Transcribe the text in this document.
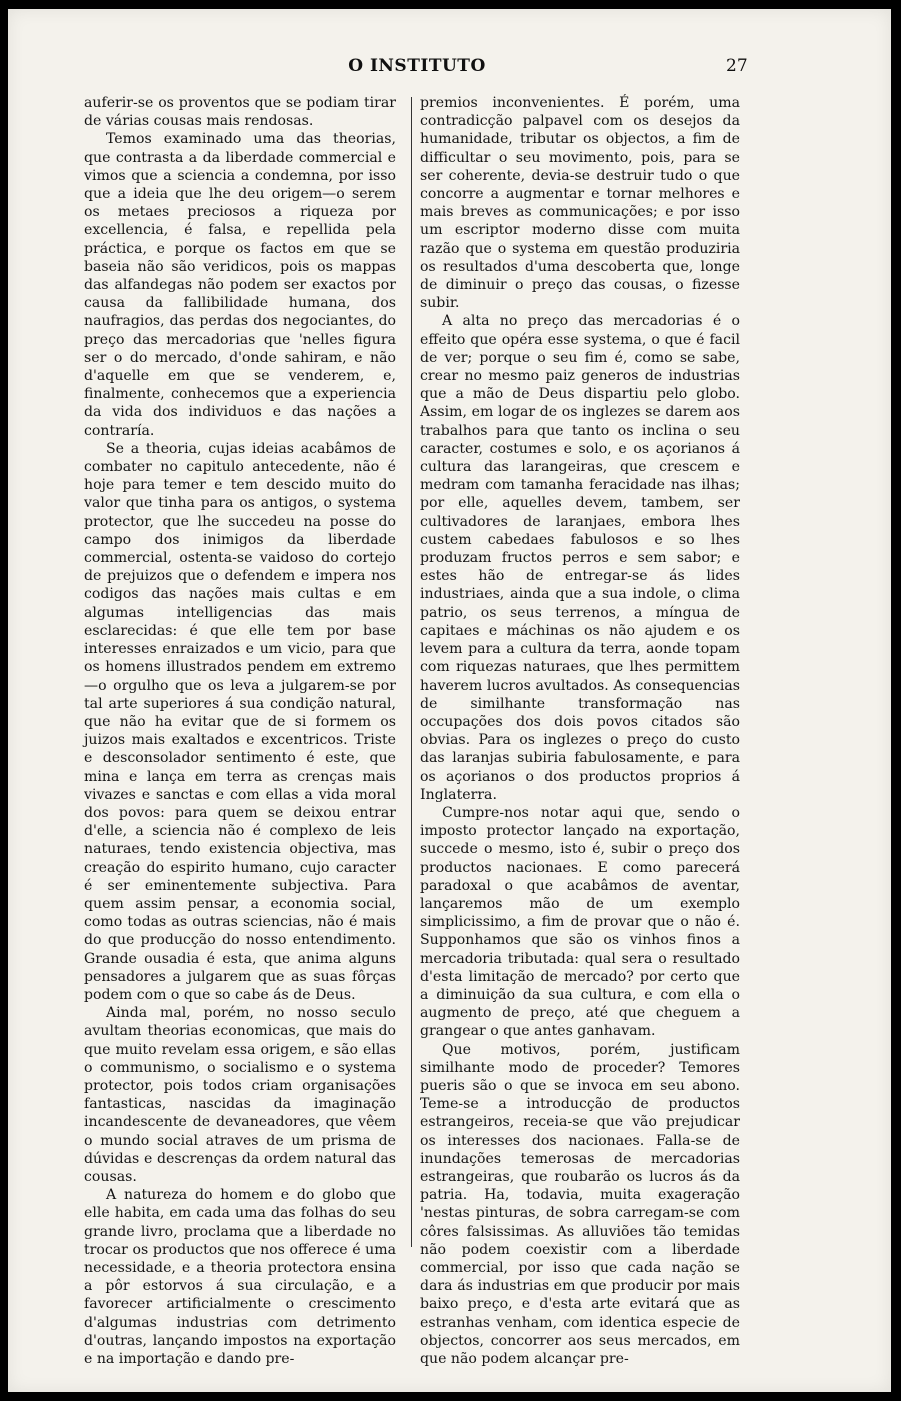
O INSTITUTO	27

auferir-se os proventos que se podiam tirar de várias cousas mais rendosas.

Temos examinado uma das theorias, que contrasta a da liberdade commercial e vimos que a sciencia a condemna, por isso que a ideia que lhe deu origem—o serem os metaes preciosos a riqueza por excellencia, é falsa, e repellida pela práctica, e porque os factos em que se baseia não são veridicos, pois os mappas das alfandegas não podem ser exactos por causa da fallibilidade humana, dos naufragios, das perdas dos negociantes, do preço das mercadorias que 'nelles figura ser o do mercado, d'onde sahiram, e não d'aquelle em que se venderem, e, finalmente, conhecemos que a experiencia da vida dos individuos e das nações a contraría.

Se a theoria, cujas ideias acabâmos de combater no capitulo antecedente, não é hoje para temer e tem descido muito do valor que tinha para os antigos, o systema protector, que lhe succedeu na posse do campo dos inimigos da liberdade commercial, ostenta-se vaidoso do cortejo de prejuizos que o defendem e impera nos codigos das nações mais cultas e em algumas intelligencias das mais esclarecidas: é que elle tem por base interesses enraizados e um vicio, para que os homens illustrados pendem em extremo—o orgulho que os leva a julgarem-se por tal arte superiores á sua condição natural, que não ha evitar que de si formem os juizos mais exaltados e excentricos. Triste e desconsolador sentimento é este, que mina e lança em terra as crenças mais vivazes e sanctas e com ellas a vida moral dos povos: para quem se deixou entrar d'elle, a sciencia não é complexo de leis naturaes, tendo existencia objectiva, mas creação do espirito humano, cujo caracter é ser eminentemente subjectiva. Para quem assim pensar, a economia social, como todas as outras sciencias, não é mais do que producção do nosso entendimento. Grande ousadia é esta, que anima alguns pensadores a julgarem que as suas fôrças podem com o que so cabe ás de Deus.

Ainda mal, porém, no nosso seculo avultam theorias economicas, que mais do que muito revelam essa origem, e são ellas o communismo, o socialismo e o systema protector, pois todos criam organisações fantasticas, nascidas da imaginação incandescente de devaneadores, que vêem o mundo social atraves de um prisma de dúvidas e descrenças da ordem natural das cousas.

A natureza do homem e do globo que elle habita, em cada uma das folhas do seu grande livro, proclama que a liberdade no trocar os productos que nos offerece é uma necessidade, e a theoria protectora ensina a pôr estorvos á sua circulação, e a favorecer artificialmente o crescimento d'algumas industrias com detrimento d'outras, lançando impostos na exportação e na importação e dando pre-

premios inconvenientes. É porém, uma contradicção palpavel com os desejos da humanidade, tributar os objectos, a fim de difficultar o seu movimento, pois, para se ser coherente, devia-se destruir tudo o que concorre a augmentar e tornar melhores e mais breves as communicações; e por isso um escriptor moderno disse com muita razão que o systema em questão produziria os resultados d'uma descoberta que, longe de diminuir o preço das cousas, o fizesse subir.

A alta no preço das mercadorias é o effeito que opéra esse systema, o que é facil de ver; porque o seu fim é, como se sabe, crear no mesmo paiz generos de industrias que a mão de Deus dispartiu pelo globo. Assim, em logar de os inglezes se darem aos trabalhos para que tanto os inclina o seu caracter, costumes e solo, e os açorianos á cultura das larangeiras, que crescem e medram com tamanha feracidade nas ilhas; por elle, aquelles devem, tambem, ser cultivadores de laranjaes, embora lhes custem cabedaes fabulosos e so lhes produzam fructos perros e sem sabor; e estes hão de entregar-se ás lides industriaes, ainda que a sua indole, o clima patrio, os seus terrenos, a míngua de capitaes e máchinas os não ajudem e os levem para a cultura da terra, aonde topam com riquezas naturaes, que lhes permittem haverem lucros avultados. As consequencias de similhante transformação nas occupações dos dois povos citados são obvias. Para os inglezes o preço do custo das laranjas subiria fabulosamente, e para os açorianos o dos productos proprios á Inglaterra.

Cumpre-nos notar aqui que, sendo o imposto protector lançado na exportação, succede o mesmo, isto é, subir o preço dos productos nacionaes. E como parecerá paradoxal o que acabâmos de aventar, lançaremos mão de um exemplo simplicissimo, a fim de provar que o não é. Supponhamos que são os vinhos finos a mercadoria tributada: qual sera o resultado d'esta limitação de mercado? por certo que a diminuição da sua cultura, e com ella o augmento de preço, até que cheguem a grangear o que antes ganhavam.

Que motivos, porém, justificam similhante modo de proceder? Temores pueris são o que se invoca em seu abono. Teme-se a introducção de productos estrangeiros, receia-se que vão prejudicar os interesses dos nacionaes. Falla-se de inundações temerosas de mercadorias estrangeiras, que roubarão os lucros ás da patria. Ha, todavia, muita exageração 'nestas pinturas, de sobra carregam-se com côres falsissimas. As alluviões tão temidas não podem coexistir com a liberdade commercial, por isso que cada nação se dara ás industrias em que producir por mais baixo preço, e d'esta arte evitará que as estranhas venham, com identica especie de objectos, concorrer aos seus mercados, em que não podem alcançar pre-
